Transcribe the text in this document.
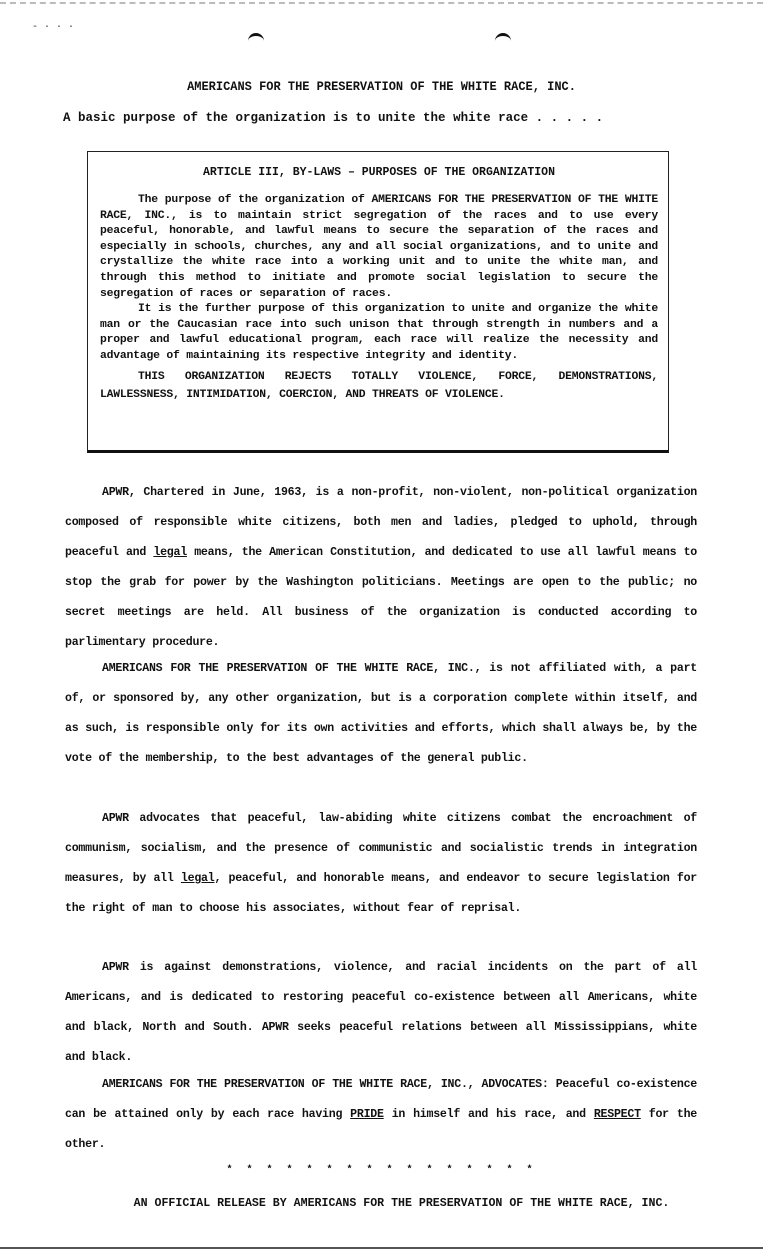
- · · ·
AMERICANS FOR THE PRESERVATION OF THE WHITE RACE, INC.
A basic purpose of the organization is to unite the white race . . . . .
ARTICLE III, BY-LAWS – PURPOSES OF THE ORGANIZATION

The purpose of the organization of AMERICANS FOR THE PRESERVATION OF THE WHITE RACE, INC., is to maintain strict segregation of the races and to use every peaceful, honorable, and lawful means to secure the separation of the races and especially in schools, churches, any and all social organizations, and to unite and crystallize the white race into a working unit and to unite the white man, and through this method to initiate and promote social legislation to secure the segregation of races or separation of races.

It is the further purpose of this organization to unite and organize the white man or the Caucasian race into such unison that through strength in numbers and a proper and lawful educational program, each race will realize the necessity and advantage of maintaining its respective integrity and identity.

THIS ORGANIZATION REJECTS TOTALLY VIOLENCE, FORCE, DEMONSTRATIONS, LAWLESSNESS, INTIMIDATION, COERCION, AND THREATS OF VIOLENCE.

APWR, Chartered in June, 1963, is a non-profit, non-violent, non-political organization composed of responsible white citizens, both men and ladies, pledged to uphold, through peaceful and legal means, the American Constitution, and dedicated to use all lawful means to stop the grab for power by the Washington politicians. Meetings are open to the public; no secret meetings are held. All business of the organization is conducted according to parlimentary procedure.

AMERICANS FOR THE PRESERVATION OF THE WHITE RACE, INC., is not affiliated with, a part of, or sponsored by, any other organization, but is a corporation complete within itself, and as such, is responsible only for its own activities and efforts, which shall always be, by the vote of the membership, to the best advantages of the general public.

APWR advocates that peaceful, law-abiding white citizens combat the encroachment of communism, socialism, and the presence of communistic and socialistic trends in integration measures, by all legal, peaceful, and honorable means, and endeavor to secure legislation for the right of man to choose his associates, without fear of reprisal.

APWR is against demonstrations, violence, and racial incidents on the part of all Americans, and is dedicated to restoring peaceful co-existence between all Americans, white and black, North and South. APWR seeks peaceful relations between all Mississippians, white and black.

AMERICANS FOR THE PRESERVATION OF THE WHITE RACE, INC., ADVOCATES: Peaceful co-existence can be attained only by each race having PRIDE in himself and his race, and RESPECT for the other.

* * * * * * * * * * * * * * * *
AN OFFICIAL RELEASE BY AMERICANS FOR THE PRESERVATION OF THE WHITE RACE, INC.
